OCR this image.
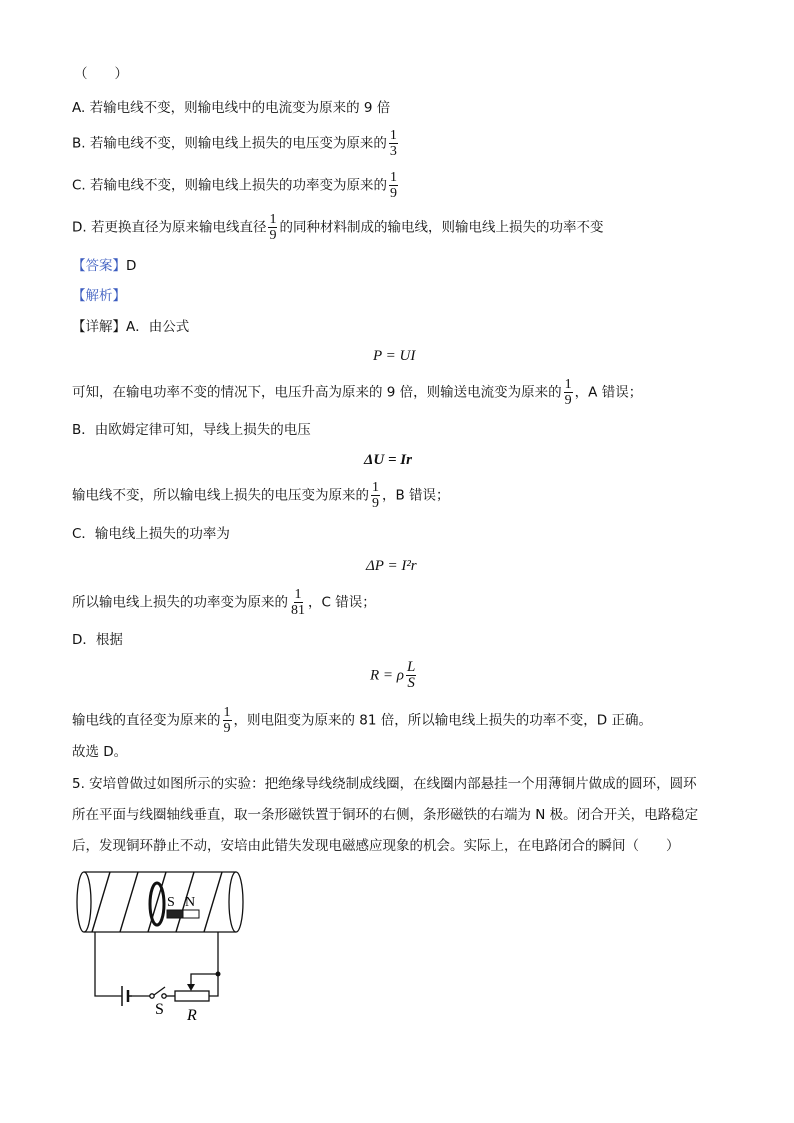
（　　）
A. 若输电线不变，则输电线中的电流变为原来的 9 倍
B. 若输电线不变，则输电线上损失的电压变为原来的 $\frac{1}{3}$
C. 若输电线不变，则输电线上损失的功率变为原来的 $\frac{1}{9}$
D. 若更换直径为原来输电线直径 $\frac{1}{9}$ 的同种材料制成的输电线，则输电线上损失的功率不变
【答案】D
【解析】
【详解】A．由公式
P = UI
可知，在输电功率不变的情况下，电压升高为原来的 9 倍，则输送电流变为原来的 $\frac{1}{9}$ ，A 错误；
B．由欧姆定律可知，导线上损失的电压
ΔU = Ir
输电线不变，所以输电线上损失的电压变为原来的 $\frac{1}{9}$ ，B 错误；
C．输电线上损失的功率为
ΔP = I²r
所以输电线上损失的功率变为原来的 $\frac{1}{81}$ ，C 错误；
D．根据
R = ρ $\frac{L}{S}$
输电线的直径变为原来的 $\frac{1}{9}$ ，则电阻变为原来的 81 倍，所以输电线上损失的功率不变，D 正确。
故选 D。
5. 安培曾做过如图所示的实验：把绝缘导线绕制成线圈，在线圈内部悬挂一个用薄铜片做成的圆环，圆环
所在平面与线圈轴线垂直，取一条形磁铁置于铜环的右侧，条形磁铁的右端为 N 极。闭合开关，电路稳定
后，发现铜环静止不动，安培由此错失发现电磁感应现象的机会。实际上，在电路闭合的瞬间（　　）
S N
S R
